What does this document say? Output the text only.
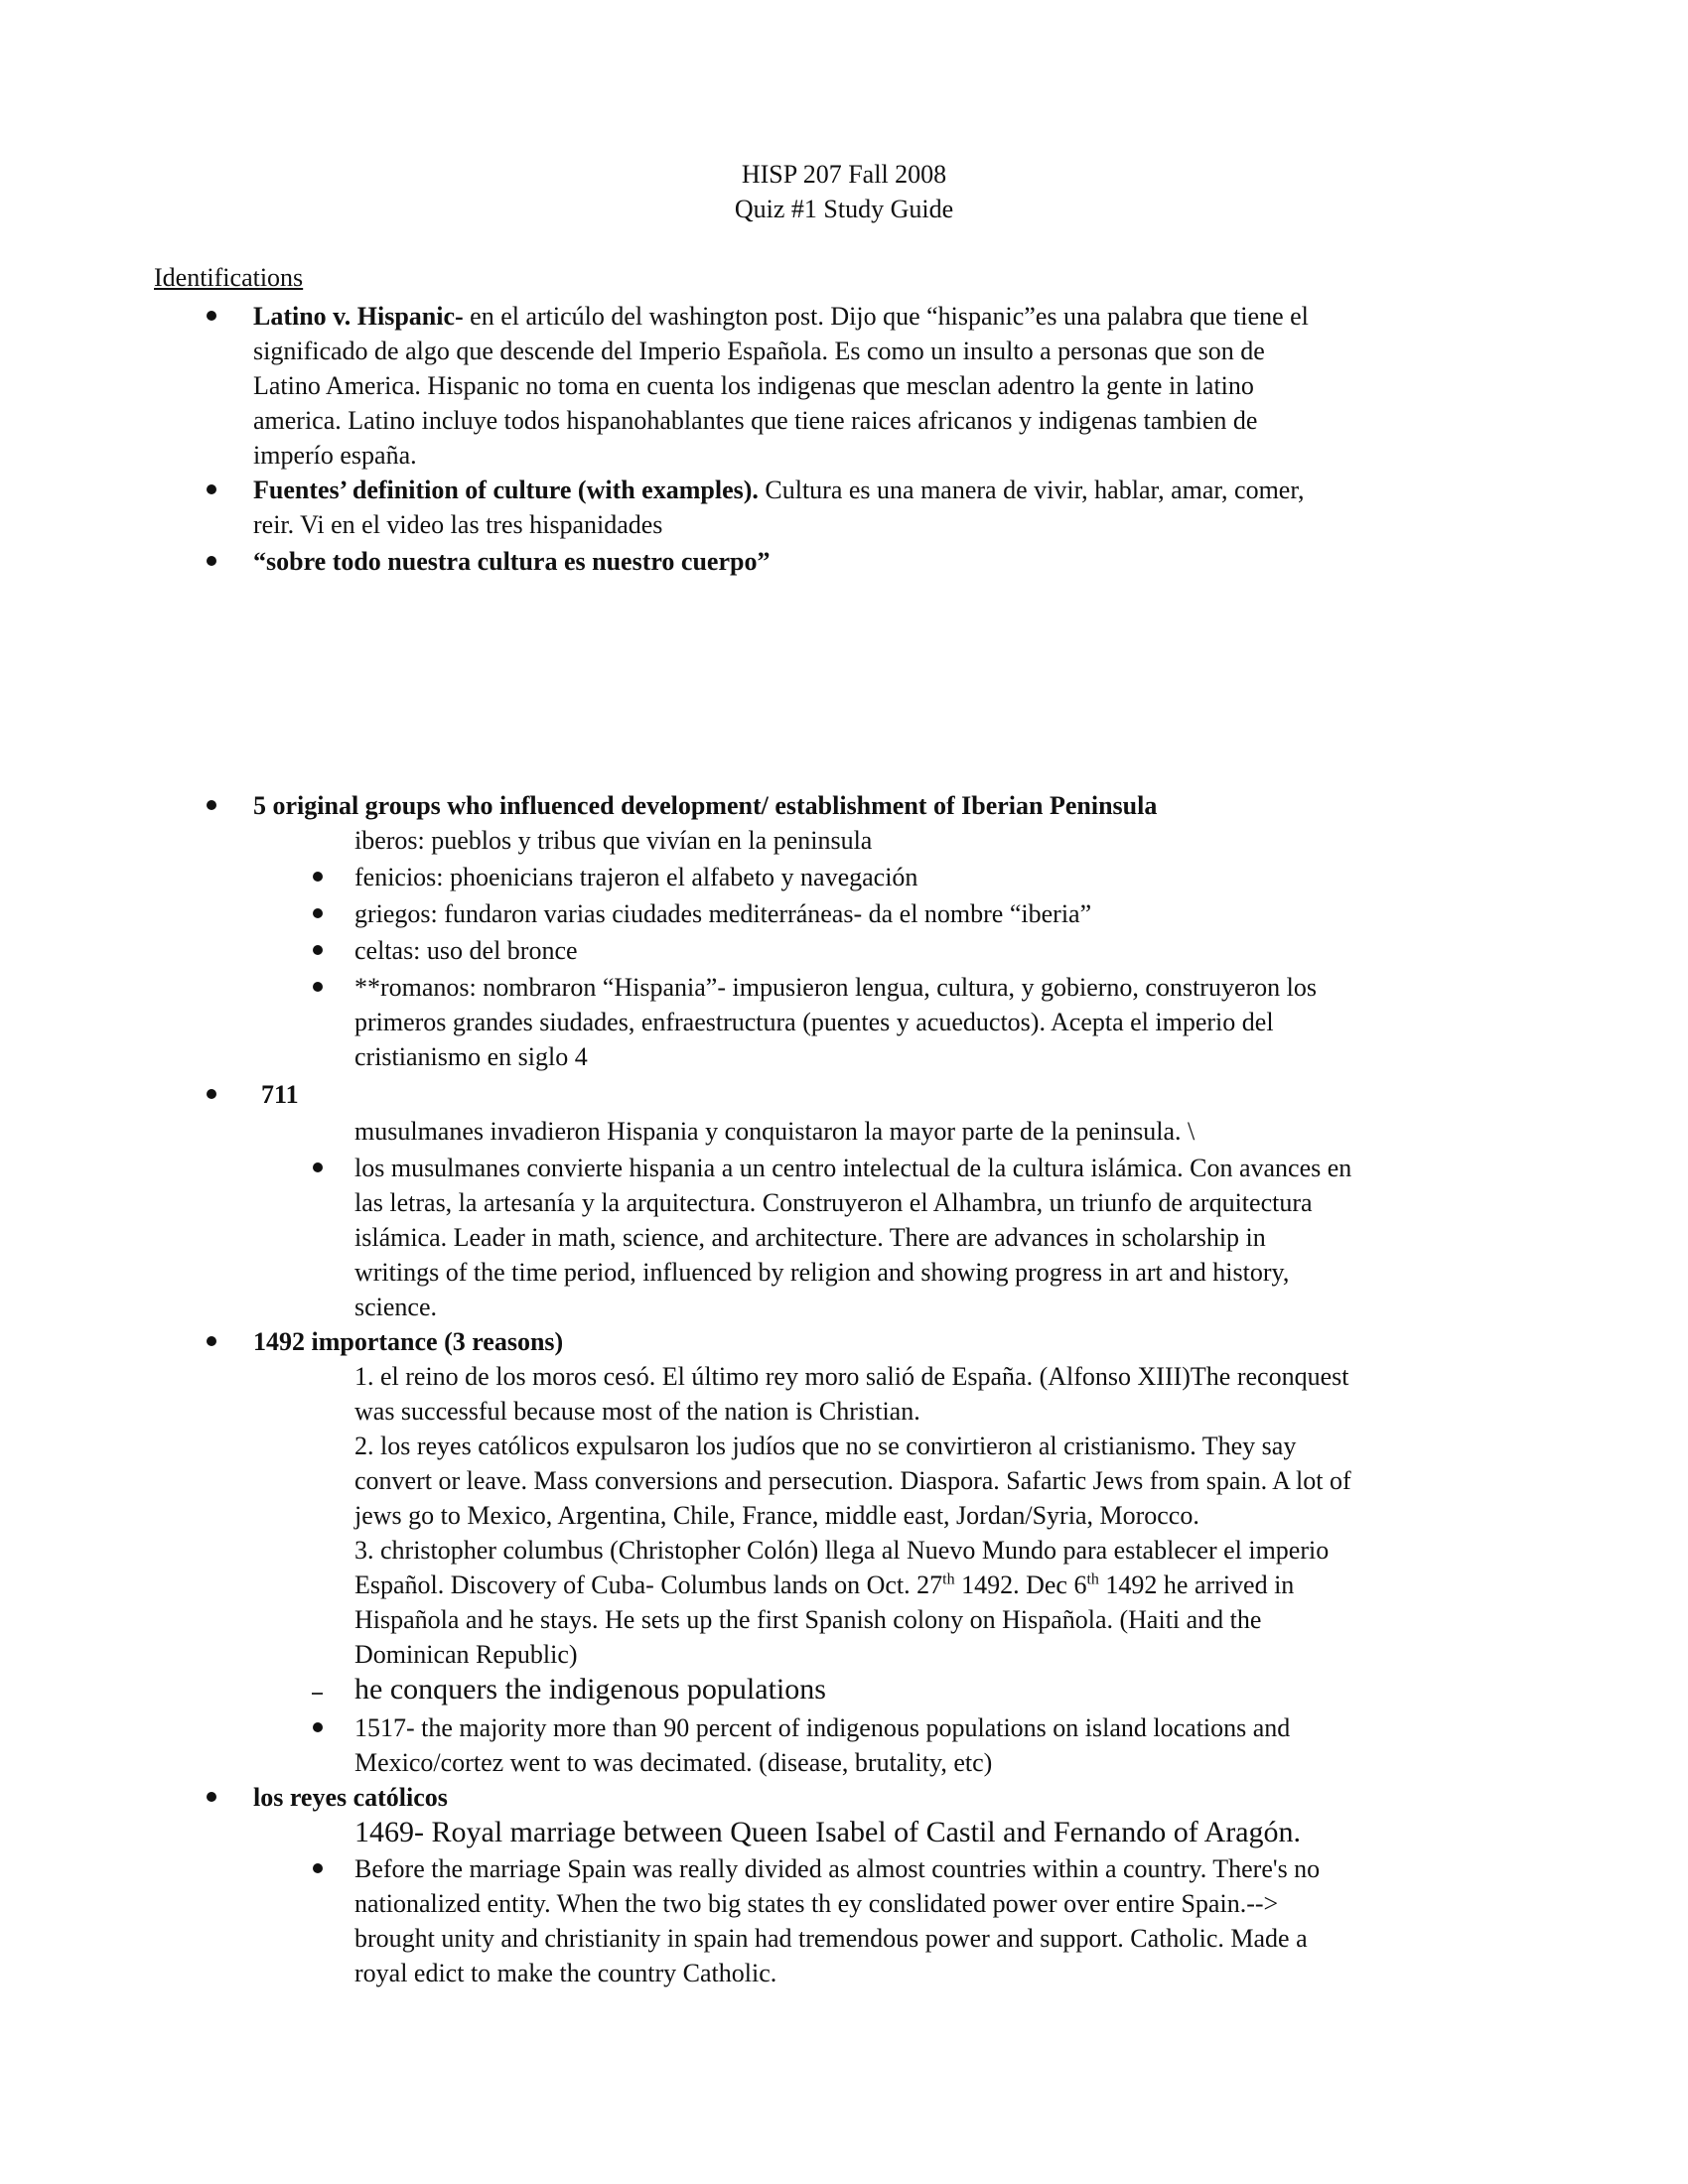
HISP 207 Fall 2008
Quiz #1 Study Guide
Identifications
Latino v. Hispanic- en el articúlo del washington post. Dijo que “hispanic”es una palabra que tiene el
significado de algo que descende del Imperio Española. Es como un insulto a personas que son de
Latino America. Hispanic no toma en cuenta los indigenas que mesclan adentro la gente in latino
america. Latino incluye todos hispanohablantes que tiene raices africanos y indigenas tambien de
imperío españa.
Fuentes’ definition of culture (with examples). Cultura es una manera de vivir, hablar, amar, comer,
reir. Vi en el video las tres hispanidades
“sobre todo nuestra cultura es nuestro cuerpo”
5 original groups who influenced development/ establishment of Iberian Peninsula
iberos: pueblos y tribus que vivían en la peninsula
fenicios: phoenicians trajeron el alfabeto y navegación
griegos: fundaron varias ciudades mediterráneas- da el nombre “iberia”
celtas: uso del bronce
**romanos: nombraron “Hispania”- impusieron lengua, cultura, y gobierno, construyeron los
primeros grandes siudades, enfraestructura (puentes y acueductos). Acepta el imperio del
cristianismo en siglo 4
711
musulmanes invadieron Hispania y conquistaron la mayor parte de la peninsula. \
los musulmanes convierte hispania a un centro intelectual de la cultura islámica. Con avances en
las letras, la artesanía y la arquitectura. Construyeron el Alhambra, un triunfo de arquitectura
islámica. Leader in math, science, and architecture. There are advances in scholarship in
writings of the time period, influenced by religion and showing progress in art and history,
science.
1492 importance (3 reasons)
1. el reino de los moros cesó. El último rey moro salió de España. (Alfonso XIII)The reconquest
was successful because most of the nation is Christian.
2. los reyes católicos expulsaron los judíos que no se convirtieron al cristianismo. They say
convert or leave. Mass conversions and persecution. Diaspora. Safartic Jews from spain. A lot of
jews go to Mexico, Argentina, Chile, France, middle east, Jordan/Syria, Morocco.
3. christopher columbus (Christopher Colón) llega al Nuevo Mundo para establecer el imperio
Español. Discovery of Cuba- Columbus lands on Oct. 27th 1492. Dec 6th 1492 he arrived in
Hispañola and he stays. He sets up the first Spanish colony on Hispañola. (Haiti and the
Dominican Republic)
he conquers the indigenous populations
1517- the majority more than 90 percent of indigenous populations on island locations and
Mexico/cortez went to was decimated. (disease, brutality, etc)
los reyes católicos
1469- Royal marriage between Queen Isabel of Castil and Fernando of Aragón.
Before the marriage Spain was really divided as almost countries within a country. There's no
nationalized entity. When the two big states th ey conslidated power over entire Spain.-->
brought unity and christianity in spain had tremendous power and support. Catholic. Made a
royal edict to make the country Catholic.
